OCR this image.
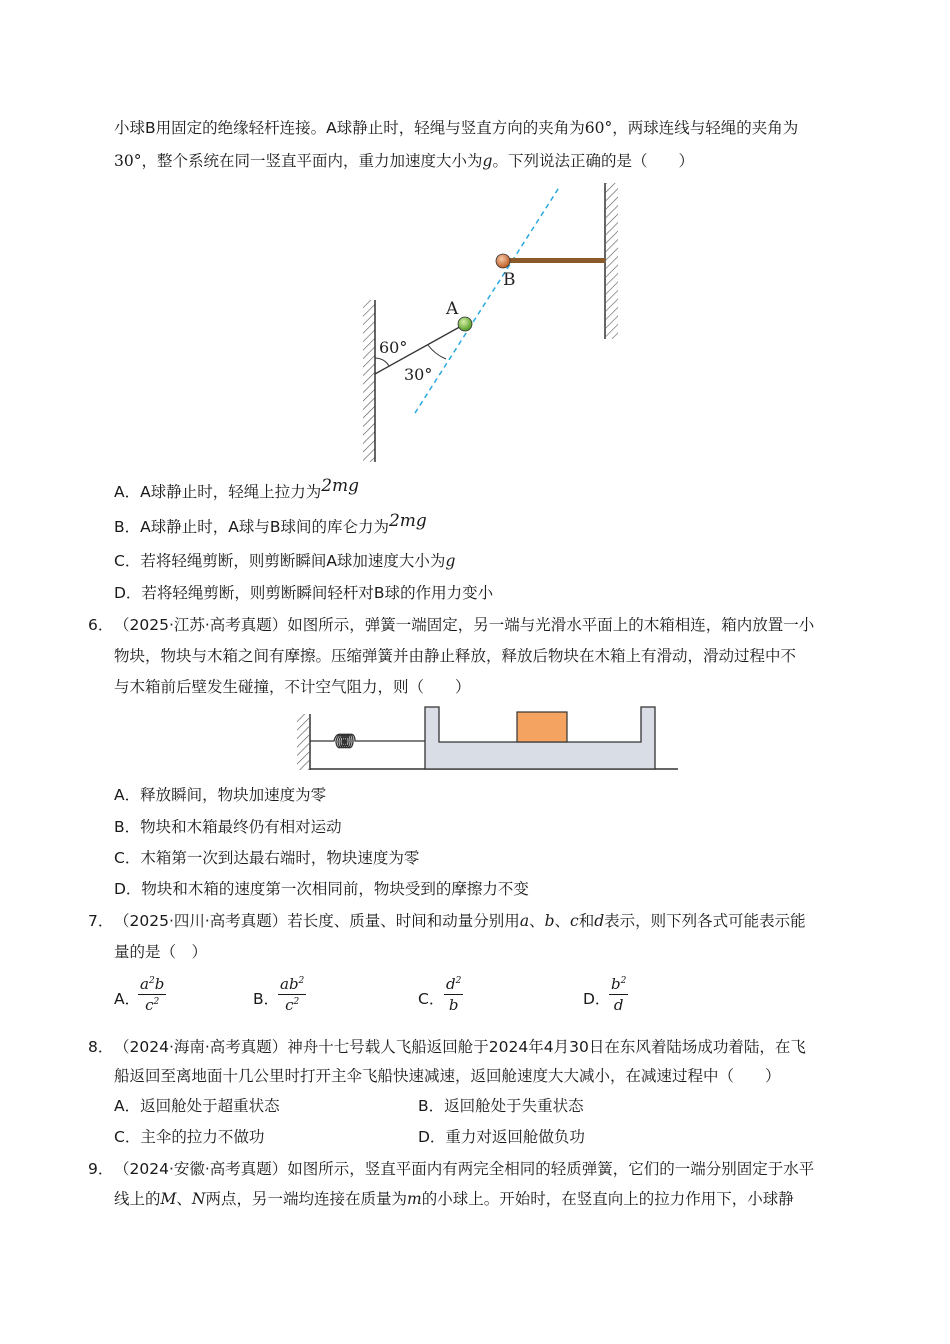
小球B用固定的绝缘轻杆连接。A球静止时，轻绳与竖直方向的夹角为60°，两球连线与轻绳的夹角为
30°，整个系统在同一竖直平面内，重力加速度大小为g。下列说法正确的是（　　）
B
A
60°
30°
A．A球静止时，轻绳上拉力为2mg
B．A球静止时，A球与B球间的库仑力为2mg
C．若将轻绳剪断，则剪断瞬间A球加速度大小为g
D．若将轻绳剪断，则剪断瞬间轻杆对B球的作用力变小
6． （2025·江苏·高考真题）如图所示，弹簧一端固定，另一端与光滑水平面上的木箱相连，箱内放置一小
物块，物块与木箱之间有摩擦。压缩弹簧并由静止释放，释放后物块在木箱上有滑动，滑动过程中不
与木箱前后壁发生碰撞，不计空气阻力，则（　　）
A．释放瞬间，物块加速度为零
B．物块和木箱最终仍有相对运动
C．木箱第一次到达最右端时，物块速度为零
D．物块和木箱的速度第一次相同前，物块受到的摩擦力不变
7． （2025·四川·高考真题）若长度、质量、时间和动量分别用a、b、c和d表示，则下列各式可能表示能
量的是（　）
A．
$a^2b$
$c^2$	B．
$ab^2$
$c^2$	C．
$d^2$
b	D．
$b^2$
d
8． （2024·海南·高考真题）神舟十七号载人飞船返回舱于2024年4月30日在东风着陆场成功着陆，在飞
船返回至离地面十几公里时打开主伞飞船快速减速，返回舱速度大大减小，在减速过程中（　　）
A．返回舱处于超重状态	B．返回舱处于失重状态
C．主伞的拉力不做功	D．重力对返回舱做负功
9． （2024·安徽·高考真题）如图所示，竖直平面内有两完全相同的轻质弹簧，它们的一端分别固定于水平
线上的M、N两点，另一端均连接在质量为m的小球上。开始时，在竖直向上的拉力作用下，小球静
